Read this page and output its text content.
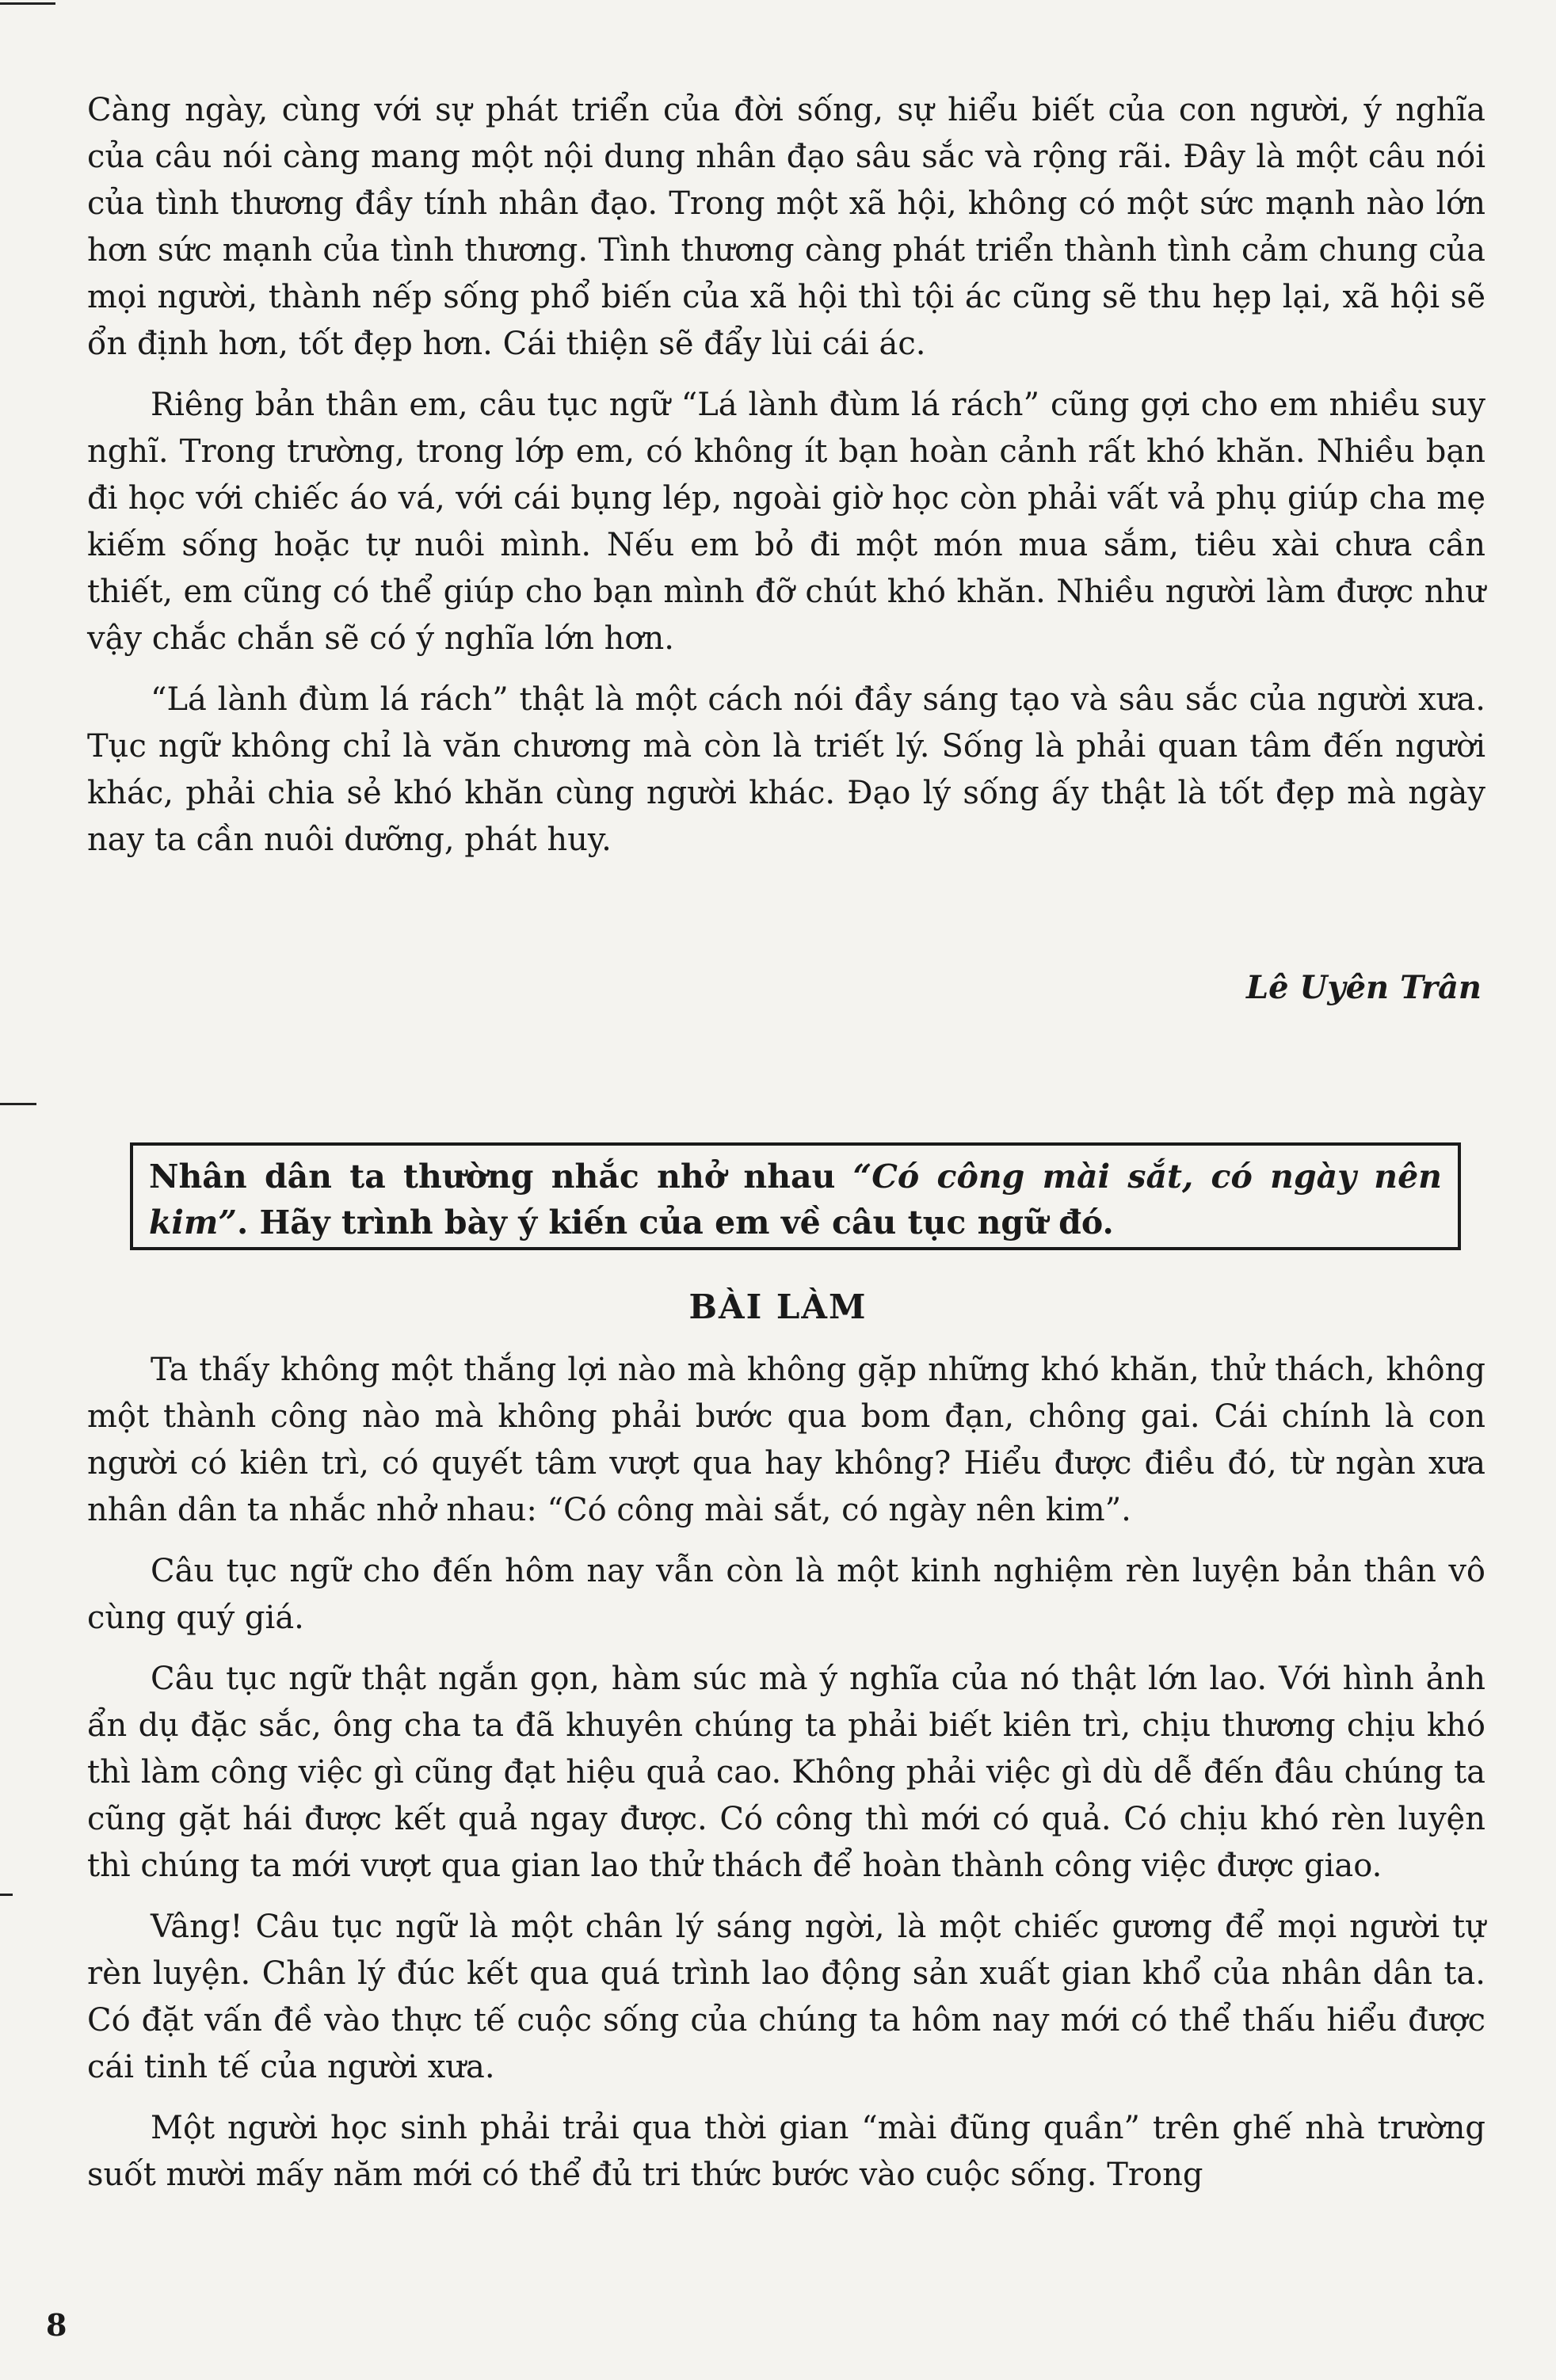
Càng ngày, cùng với sự phát triển của đời sống, sự hiểu biết của con người, ý nghĩa của câu nói càng mang một nội dung nhân đạo sâu sắc và rộng rãi. Đây là một câu nói của tình thương đầy tính nhân đạo. Trong một xã hội, không có một sức mạnh nào lớn hơn sức mạnh của tình thương. Tình thương càng phát triển thành tình cảm chung của mọi người, thành nếp sống phổ biến của xã hội thì tội ác cũng sẽ thu hẹp lại, xã hội sẽ ổn định hơn, tốt đẹp hơn. Cái thiện sẽ đẩy lùi cái ác.

Riêng bản thân em, câu tục ngữ “Lá lành đùm lá rách” cũng gợi cho em nhiều suy nghĩ. Trong trường, trong lớp em, có không ít bạn hoàn cảnh rất khó khăn. Nhiều bạn đi học với chiếc áo vá, với cái bụng lép, ngoài giờ học còn phải vất vả phụ giúp cha mẹ kiếm sống hoặc tự nuôi mình. Nếu em bỏ đi một món mua sắm, tiêu xài chưa cần thiết, em cũng có thể giúp cho bạn mình đỡ chút khó khăn. Nhiều người làm được như vậy chắc chắn sẽ có ý nghĩa lớn hơn.

“Lá lành đùm lá rách” thật là một cách nói đầy sáng tạo và sâu sắc của người xưa. Tục ngữ không chỉ là văn chương mà còn là triết lý. Sống là phải quan tâm đến người khác, phải chia sẻ khó khăn cùng người khác. Đạo lý sống ấy thật là tốt đẹp mà ngày nay ta cần nuôi dưỡng, phát huy.

Lê Uyên Trân
Nhân dân ta thường nhắc nhở nhau “Có công mài sắt, có ngày nên kim”. Hãy trình bày ý kiến của em về câu tục ngữ đó.
BÀI LÀM

Ta thấy không một thắng lợi nào mà không gặp những khó khăn, thử thách, không một thành công nào mà không phải bước qua bom đạn, chông gai. Cái chính là con người có kiên trì, có quyết tâm vượt qua hay không? Hiểu được điều đó, từ ngàn xưa nhân dân ta nhắc nhở nhau: “Có công mài sắt, có ngày nên kim”.

Câu tục ngữ cho đến hôm nay vẫn còn là một kinh nghiệm rèn luyện bản thân vô cùng quý giá.

Câu tục ngữ thật ngắn gọn, hàm súc mà ý nghĩa của nó thật lớn lao. Với hình ảnh ẩn dụ đặc sắc, ông cha ta đã khuyên chúng ta phải biết kiên trì, chịu thương chịu khó thì làm công việc gì cũng đạt hiệu quả cao. Không phải việc gì dù dễ đến đâu chúng ta cũng gặt hái được kết quả ngay được. Có công thì mới có quả. Có chịu khó rèn luyện thì chúng ta mới vượt qua gian lao thử thách để hoàn thành công việc được giao.

Vâng! Câu tục ngữ là một chân lý sáng ngời, là một chiếc gương để mọi người tự rèn luyện. Chân lý đúc kết qua quá trình lao động sản xuất gian khổ của nhân dân ta. Có đặt vấn đề vào thực tế cuộc sống của chúng ta hôm nay mới có thể thấu hiểu được cái tinh tế của người xưa.

Một người học sinh phải trải qua thời gian “mài đũng quần” trên ghế nhà trường suốt mười mấy năm mới có thể đủ tri thức bước vào cuộc sống. Trong

8
